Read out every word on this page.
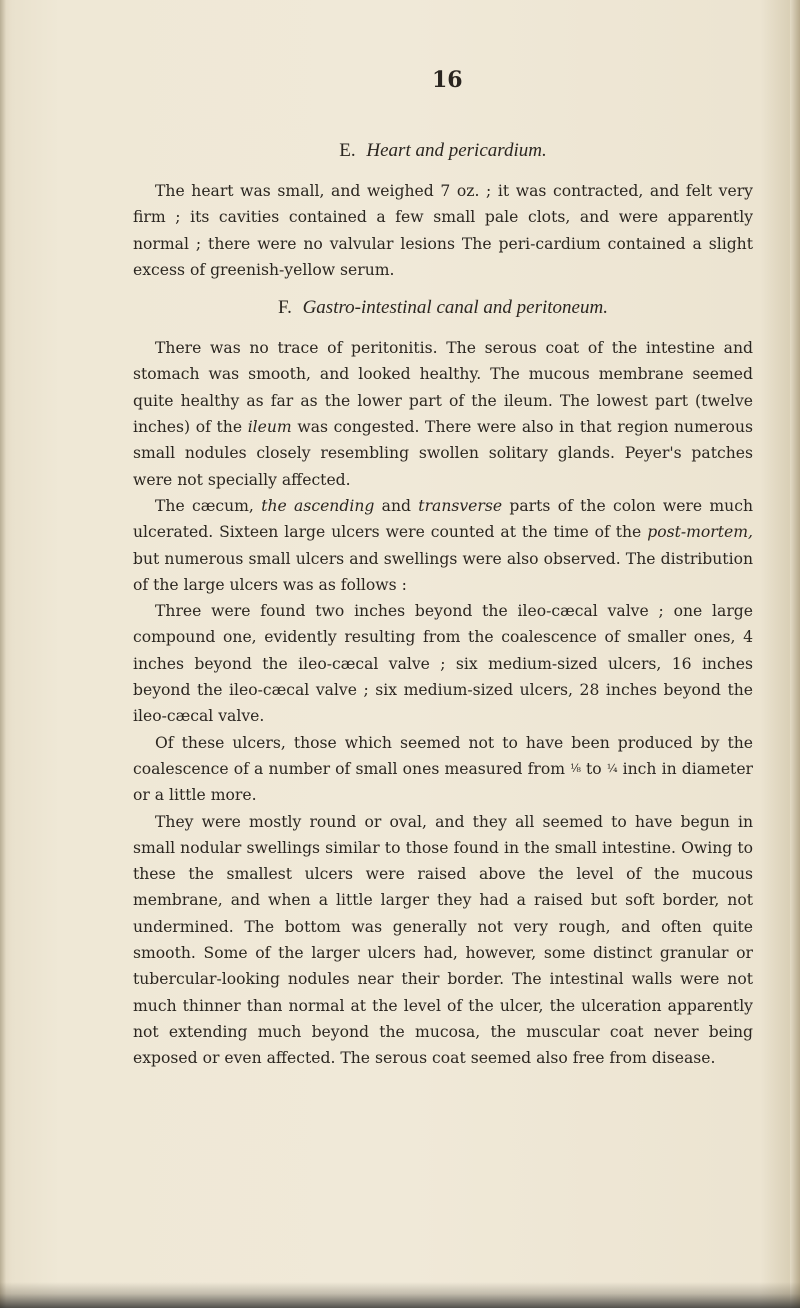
16
E. Heart and pericardium.

The heart was small, and weighed 7 oz. ; it was contracted, and felt very firm ; its cavities contained a few small pale clots, and were apparently normal ; there were no valvular lesions The peri-cardium contained a slight excess of greenish-yellow serum.

F. Gastro-intestinal canal and peritoneum.

There was no trace of peritonitis. The serous coat of the intestine and stomach was smooth, and looked healthy. The mucous membrane seemed quite healthy as far as the lower part of the ileum. The lowest part (twelve inches) of the ileum was congested. There were also in that region numerous small nodules closely resembling swollen solitary glands. Peyer's patches were not specially affected.

The cæcum, the ascending and transverse parts of the colon were much ulcerated. Sixteen large ulcers were counted at the time of the post-mortem, but numerous small ulcers and swellings were also observed. The distribution of the large ulcers was as follows :

Three were found two inches beyond the ileo-cæcal valve ; one large compound one, evidently resulting from the coalescence of smaller ones, 4 inches beyond the ileo-cæcal valve ; six medium-sized ulcers, 16 inches beyond the ileo-cæcal valve ; six medium-sized ulcers, 28 inches beyond the ileo-cæcal valve.

Of these ulcers, those which seemed not to have been produced by the coalescence of a number of small ones measured from ⅛ to ¼ inch in diameter or a little more.

They were mostly round or oval, and they all seemed to have begun in small nodular swellings similar to those found in the small intestine. Owing to these the smallest ulcers were raised above the level of the mucous membrane, and when a little larger they had a raised but soft border, not undermined. The bottom was generally not very rough, and often quite smooth. Some of the larger ulcers had, however, some distinct granular or tubercular-looking nodules near their border. The intestinal walls were not much thinner than normal at the level of the ulcer, the ulceration apparently not extending much beyond the mucosa, the muscular coat never being exposed or even affected. The serous coat seemed also free from disease.
